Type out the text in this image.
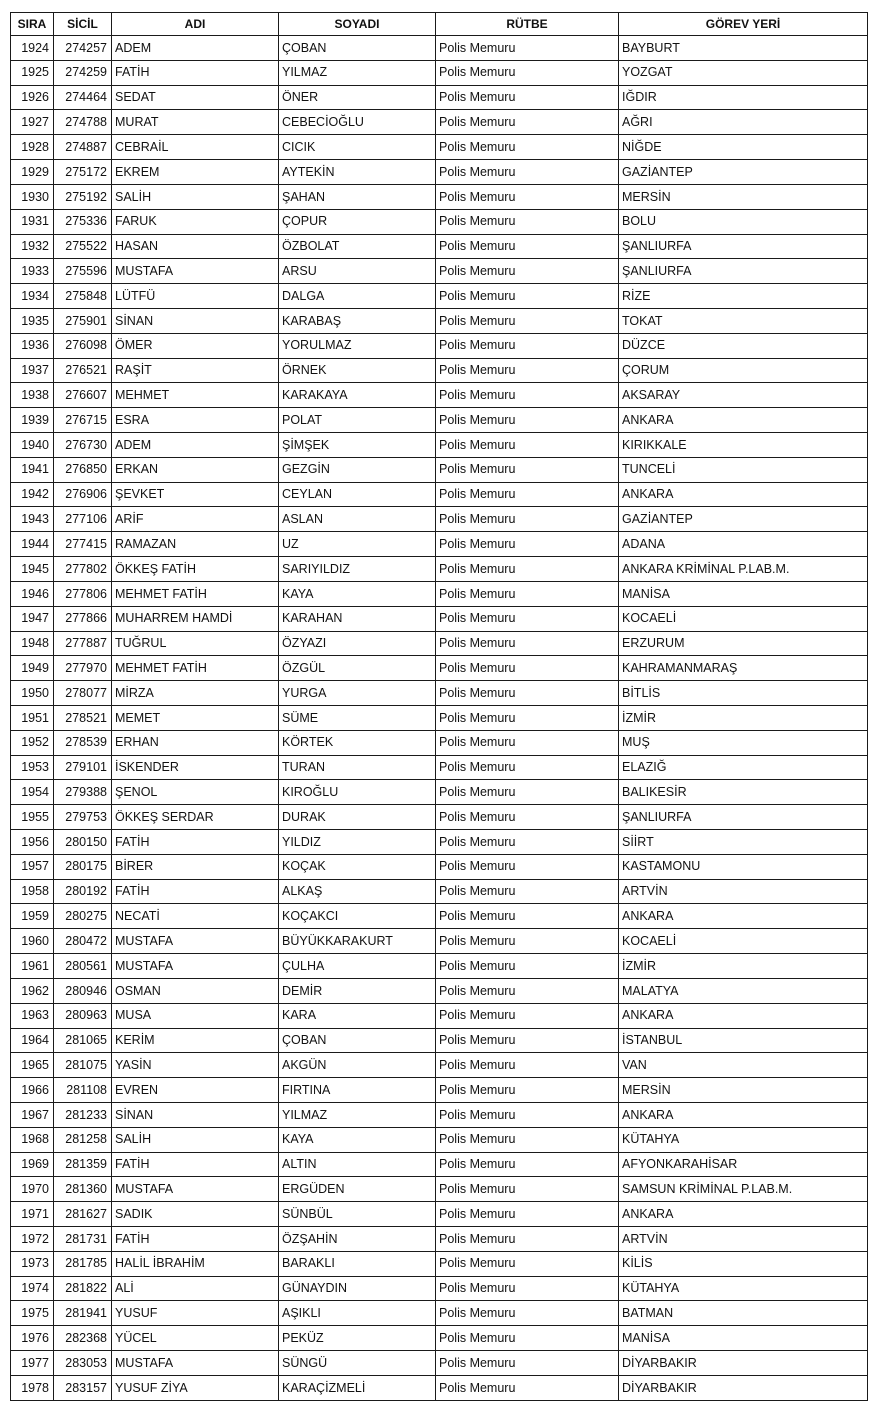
SIRA	SİCİL	ADI	SOYADI	RÜTBE	GÖREV YERİ
1924	274257	ADEM	ÇOBAN	Polis Memuru	BAYBURT
1925	274259	FATİH	YILMAZ	Polis Memuru	YOZGAT
1926	274464	SEDAT	ÖNER	Polis Memuru	IĞDIR
1927	274788	MURAT	CEBECİOĞLU	Polis Memuru	AĞRI
1928	274887	CEBRAİL	CICIK	Polis Memuru	NİĞDE
1929	275172	EKREM	AYTEKİN	Polis Memuru	GAZİANTEP
1930	275192	SALİH	ŞAHAN	Polis Memuru	MERSİN
1931	275336	FARUK	ÇOPUR	Polis Memuru	BOLU
1932	275522	HASAN	ÖZBOLAT	Polis Memuru	ŞANLIURFA
1933	275596	MUSTAFA	ARSU	Polis Memuru	ŞANLIURFA
1934	275848	LÜTFÜ	DALGA	Polis Memuru	RİZE
1935	275901	SİNAN	KARABAŞ	Polis Memuru	TOKAT
1936	276098	ÖMER	YORULMAZ	Polis Memuru	DÜZCE
1937	276521	RAŞİT	ÖRNEK	Polis Memuru	ÇORUM
1938	276607	MEHMET	KARAKAYA	Polis Memuru	AKSARAY
1939	276715	ESRA	POLAT	Polis Memuru	ANKARA
1940	276730	ADEM	ŞİMŞEK	Polis Memuru	KIRIKKALE
1941	276850	ERKAN	GEZGİN	Polis Memuru	TUNCELİ
1942	276906	ŞEVKET	CEYLAN	Polis Memuru	ANKARA
1943	277106	ARİF	ASLAN	Polis Memuru	GAZİANTEP
1944	277415	RAMAZAN	UZ	Polis Memuru	ADANA
1945	277802	ÖKKEŞ FATİH	SARIYILDIZ	Polis Memuru	ANKARA KRİMİNAL P.LAB.M.
1946	277806	MEHMET FATİH	KAYA	Polis Memuru	MANİSA
1947	277866	MUHARREM HAMDİ	KARAHAN	Polis Memuru	KOCAELİ
1948	277887	TUĞRUL	ÖZYAZI	Polis Memuru	ERZURUM
1949	277970	MEHMET FATİH	ÖZGÜL	Polis Memuru	KAHRAMANMARAŞ
1950	278077	MİRZA	YURGA	Polis Memuru	BİTLİS
1951	278521	MEMET	SÜME	Polis Memuru	İZMİR
1952	278539	ERHAN	KÖRTEK	Polis Memuru	MUŞ
1953	279101	İSKENDER	TURAN	Polis Memuru	ELAZIĞ
1954	279388	ŞENOL	KIROĞLU	Polis Memuru	BALIKESİR
1955	279753	ÖKKEŞ SERDAR	DURAK	Polis Memuru	ŞANLIURFA
1956	280150	FATİH	YILDIZ	Polis Memuru	SİİRT
1957	280175	BİRER	KOÇAK	Polis Memuru	KASTAMONU
1958	280192	FATİH	ALKAŞ	Polis Memuru	ARTVİN
1959	280275	NECATİ	KOÇAKCI	Polis Memuru	ANKARA
1960	280472	MUSTAFA	BÜYÜKKARAKURT	Polis Memuru	KOCAELİ
1961	280561	MUSTAFA	ÇULHA	Polis Memuru	İZMİR
1962	280946	OSMAN	DEMİR	Polis Memuru	MALATYA
1963	280963	MUSA	KARA	Polis Memuru	ANKARA
1964	281065	KERİM	ÇOBAN	Polis Memuru	İSTANBUL
1965	281075	YASİN	AKGÜN	Polis Memuru	VAN
1966	281108	EVREN	FIRTINA	Polis Memuru	MERSİN
1967	281233	SİNAN	YILMAZ	Polis Memuru	ANKARA
1968	281258	SALİH	KAYA	Polis Memuru	KÜTAHYA
1969	281359	FATİH	ALTIN	Polis Memuru	AFYONKARAHİSAR
1970	281360	MUSTAFA	ERGÜDEN	Polis Memuru	SAMSUN KRİMİNAL P.LAB.M.
1971	281627	SADIK	SÜNBÜL	Polis Memuru	ANKARA
1972	281731	FATİH	ÖZŞAHİN	Polis Memuru	ARTVİN
1973	281785	HALİL İBRAHİM	BARAKLI	Polis Memuru	KİLİS
1974	281822	ALİ	GÜNAYDIN	Polis Memuru	KÜTAHYA
1975	281941	YUSUF	AŞIKLI	Polis Memuru	BATMAN
1976	282368	YÜCEL	PEKÜZ	Polis Memuru	MANİSA
1977	283053	MUSTAFA	SÜNGÜ	Polis Memuru	DİYARBAKIR
1978	283157	YUSUF ZİYA	KARAÇİZMELİ	Polis Memuru	DİYARBAKIR
